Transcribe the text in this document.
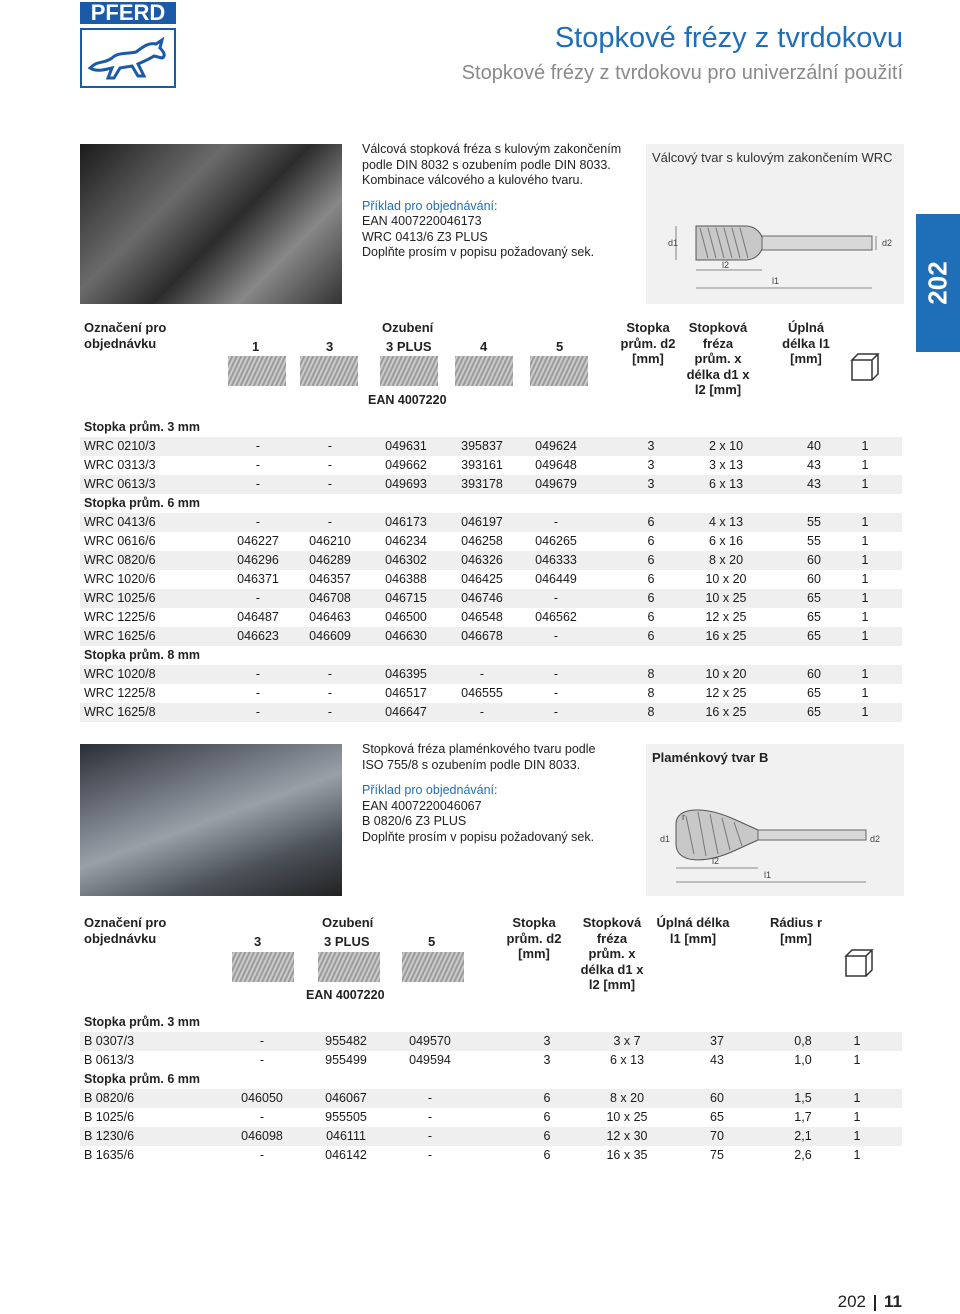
PFERD
Stopkové frézy z tvrdokovu
Stopkové frézy z tvrdokovu pro univerzální použití
202
Válcová stopková fréza s kulovým zakončením
podle DIN 8032 s ozubením podle DIN 8033.
Kombinace válcového a kulového tvaru.
Příklad pro objednávání:
EAN 4007220046173
WRC 0413/6 Z3 PLUS
Doplňte prosím v popisu požadovaný sek.
Válcový tvar s kulovým zakončením WRC
d1	d2
l2
l1
Označení pro objednávku
Ozubení
1	3	3 PLUS	4	5
EAN 4007220
Stopka prům. d2 [mm]
Stopková fréza prům. x délka d1 x l2 [mm]
Úplná délka l1 [mm]
Stopka prům. 3 mm
WRC 0210/3	-	-	049631	395837	049624	3	2 x 10	40	1
WRC 0313/3	-	-	049662	393161	049648	3	3 x 13	43	1
WRC 0613/3	-	-	049693	393178	049679	3	6 x 13	43	1
Stopka prům. 6 mm
WRC 0413/6	-	-	046173	046197	-	6	4 x 13	55	1
WRC 0616/6	046227	046210	046234	046258	046265	6	6 x 16	55	1
WRC 0820/6	046296	046289	046302	046326	046333	6	8 x 20	60	1
WRC 1020/6	046371	046357	046388	046425	046449	6	10 x 20	60	1
WRC 1025/6	-	046708	046715	046746	-	6	10 x 25	65	1
WRC 1225/6	046487	046463	046500	046548	046562	6	12 x 25	65	1
WRC 1625/6	046623	046609	046630	046678	-	6	16 x 25	65	1
Stopka prům. 8 mm
WRC 1020/8	-	-	046395	-	-	8	10 x 20	60	1
WRC 1225/8	-	-	046517	046555	-	8	12 x 25	65	1
WRC 1625/8	-	-	046647	-	-	8	16 x 25	65	1
Stopková fréza plaménkového tvaru podle
ISO 755/8 s ozubením podle DIN 8033.
Příklad pro objednávání:
EAN 4007220046067
B 0820/6 Z3 PLUS
Doplňte prosím v popisu požadovaný sek.
Plaménkový tvar B
r
d1	d2
l2
l1
Označení pro objednávku
Ozubení
3	3 PLUS	5
EAN 4007220
Stopka prům. d2 [mm]
Stopková fréza prům. x délka d1 x l2 [mm]
Úplná délka l1 [mm]
Rádius r [mm]
Stopka prům. 3 mm
B 0307/3	-	955482	049570	3	3 x 7	37	0,8	1
B 0613/3	-	955499	049594	3	6 x 13	43	1,0	1
Stopka prům. 6 mm
B 0820/6	046050	046067	-	6	8 x 20	60	1,5	1
B 1025/6	-	955505	-	6	10 x 25	65	1,7	1
B 1230/6	046098	046111	-	6	12 x 30	70	2,1	1
B 1635/6	-	046142	-	6	16 x 35	75	2,6	1
202 11
